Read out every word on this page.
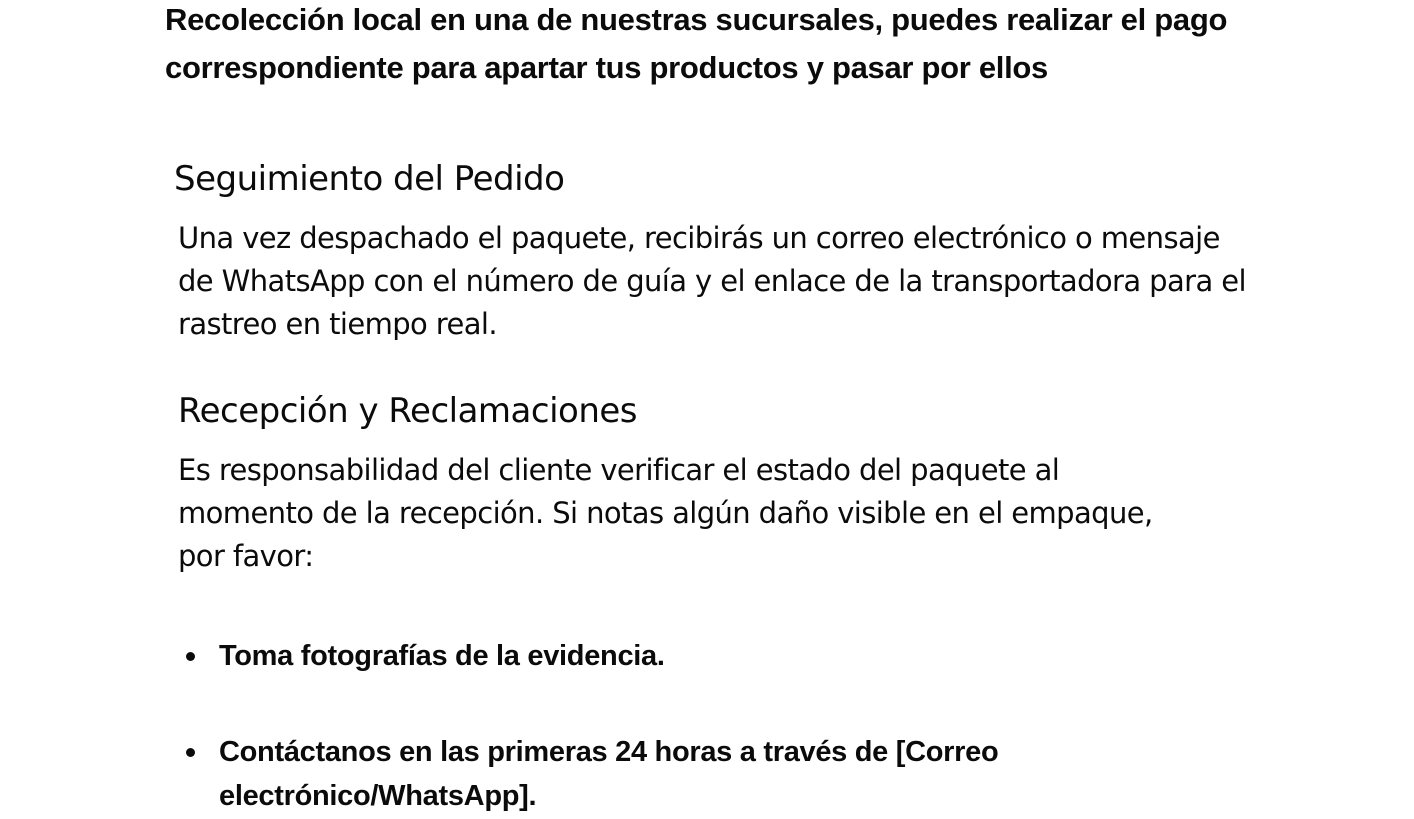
Recolección local en una de nuestras sucursales, puedes realizar el pago correspondiente para apartar tus productos y pasar por ellos

Seguimiento del Pedido

Una vez despachado el paquete, recibirás un correo electrónico o mensaje de WhatsApp con el número de guía y el enlace de la transportadora para el rastreo en tiempo real.

Recepción y Reclamaciones

Es responsabilidad del cliente verificar el estado del paquete al momento de la recepción. Si notas algún daño visible en el empaque, por favor:

Toma fotografías de la evidencia.
Contáctanos en las primeras 24 horas a través de [Correo electrónico/WhatsApp].
